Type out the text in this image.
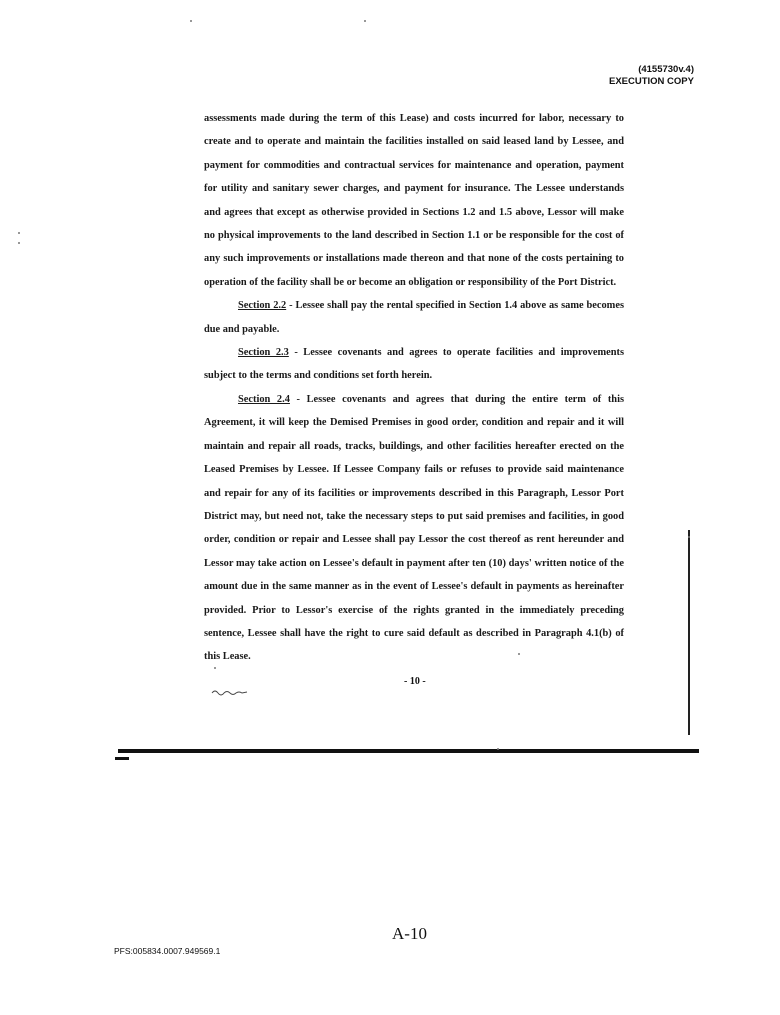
(4155730v.4)
EXECUTION COPY

assessments made during the term of this Lease) and costs incurred for labor, necessary to create and to operate and maintain the facilities installed on said leased land by Lessee, and payment for commodities and contractual services for maintenance and operation, payment for utility and sanitary sewer charges, and payment for insurance. The Lessee understands and agrees that except as otherwise provided in Sections 1.2 and 1.5 above, Lessor will make no physical improvements to the land described in Section 1.1 or be responsible for the cost of any such improvements or installations made thereon and that none of the costs pertaining to operation of the facility shall be or become an obligation or responsibility of the Port District.

Section 2.2 - Lessee shall pay the rental specified in Section 1.4 above as same becomes due and payable.

Section 2.3 - Lessee covenants and agrees to operate facilities and improvements subject to the terms and conditions set forth herein.

Section 2.4 - Lessee covenants and agrees that during the entire term of this Agreement, it will keep the Demised Premises in good order, condition and repair and it will maintain and repair all roads, tracks, buildings, and other facilities hereafter erected on the Leased Premises by Lessee. If Lessee Company fails or refuses to provide said maintenance and repair for any of its facilities or improvements described in this Paragraph, Lessor Port District may, but need not, take the necessary steps to put said premises and facilities, in good order, condition or repair and Lessee shall pay Lessor the cost thereof as rent hereunder and Lessor may take action on Lessee's default in payment after ten (10) days' written notice of the amount due in the same manner as in the event of Lessee's default in payments as hereinafter provided. Prior to Lessor's exercise of the rights granted in the immediately preceding sentence, Lessee shall have the right to cure said default as described in Paragraph 4.1(b) of this Lease.

- 10 -
A-10
PFS:005834.0007.949569.1
